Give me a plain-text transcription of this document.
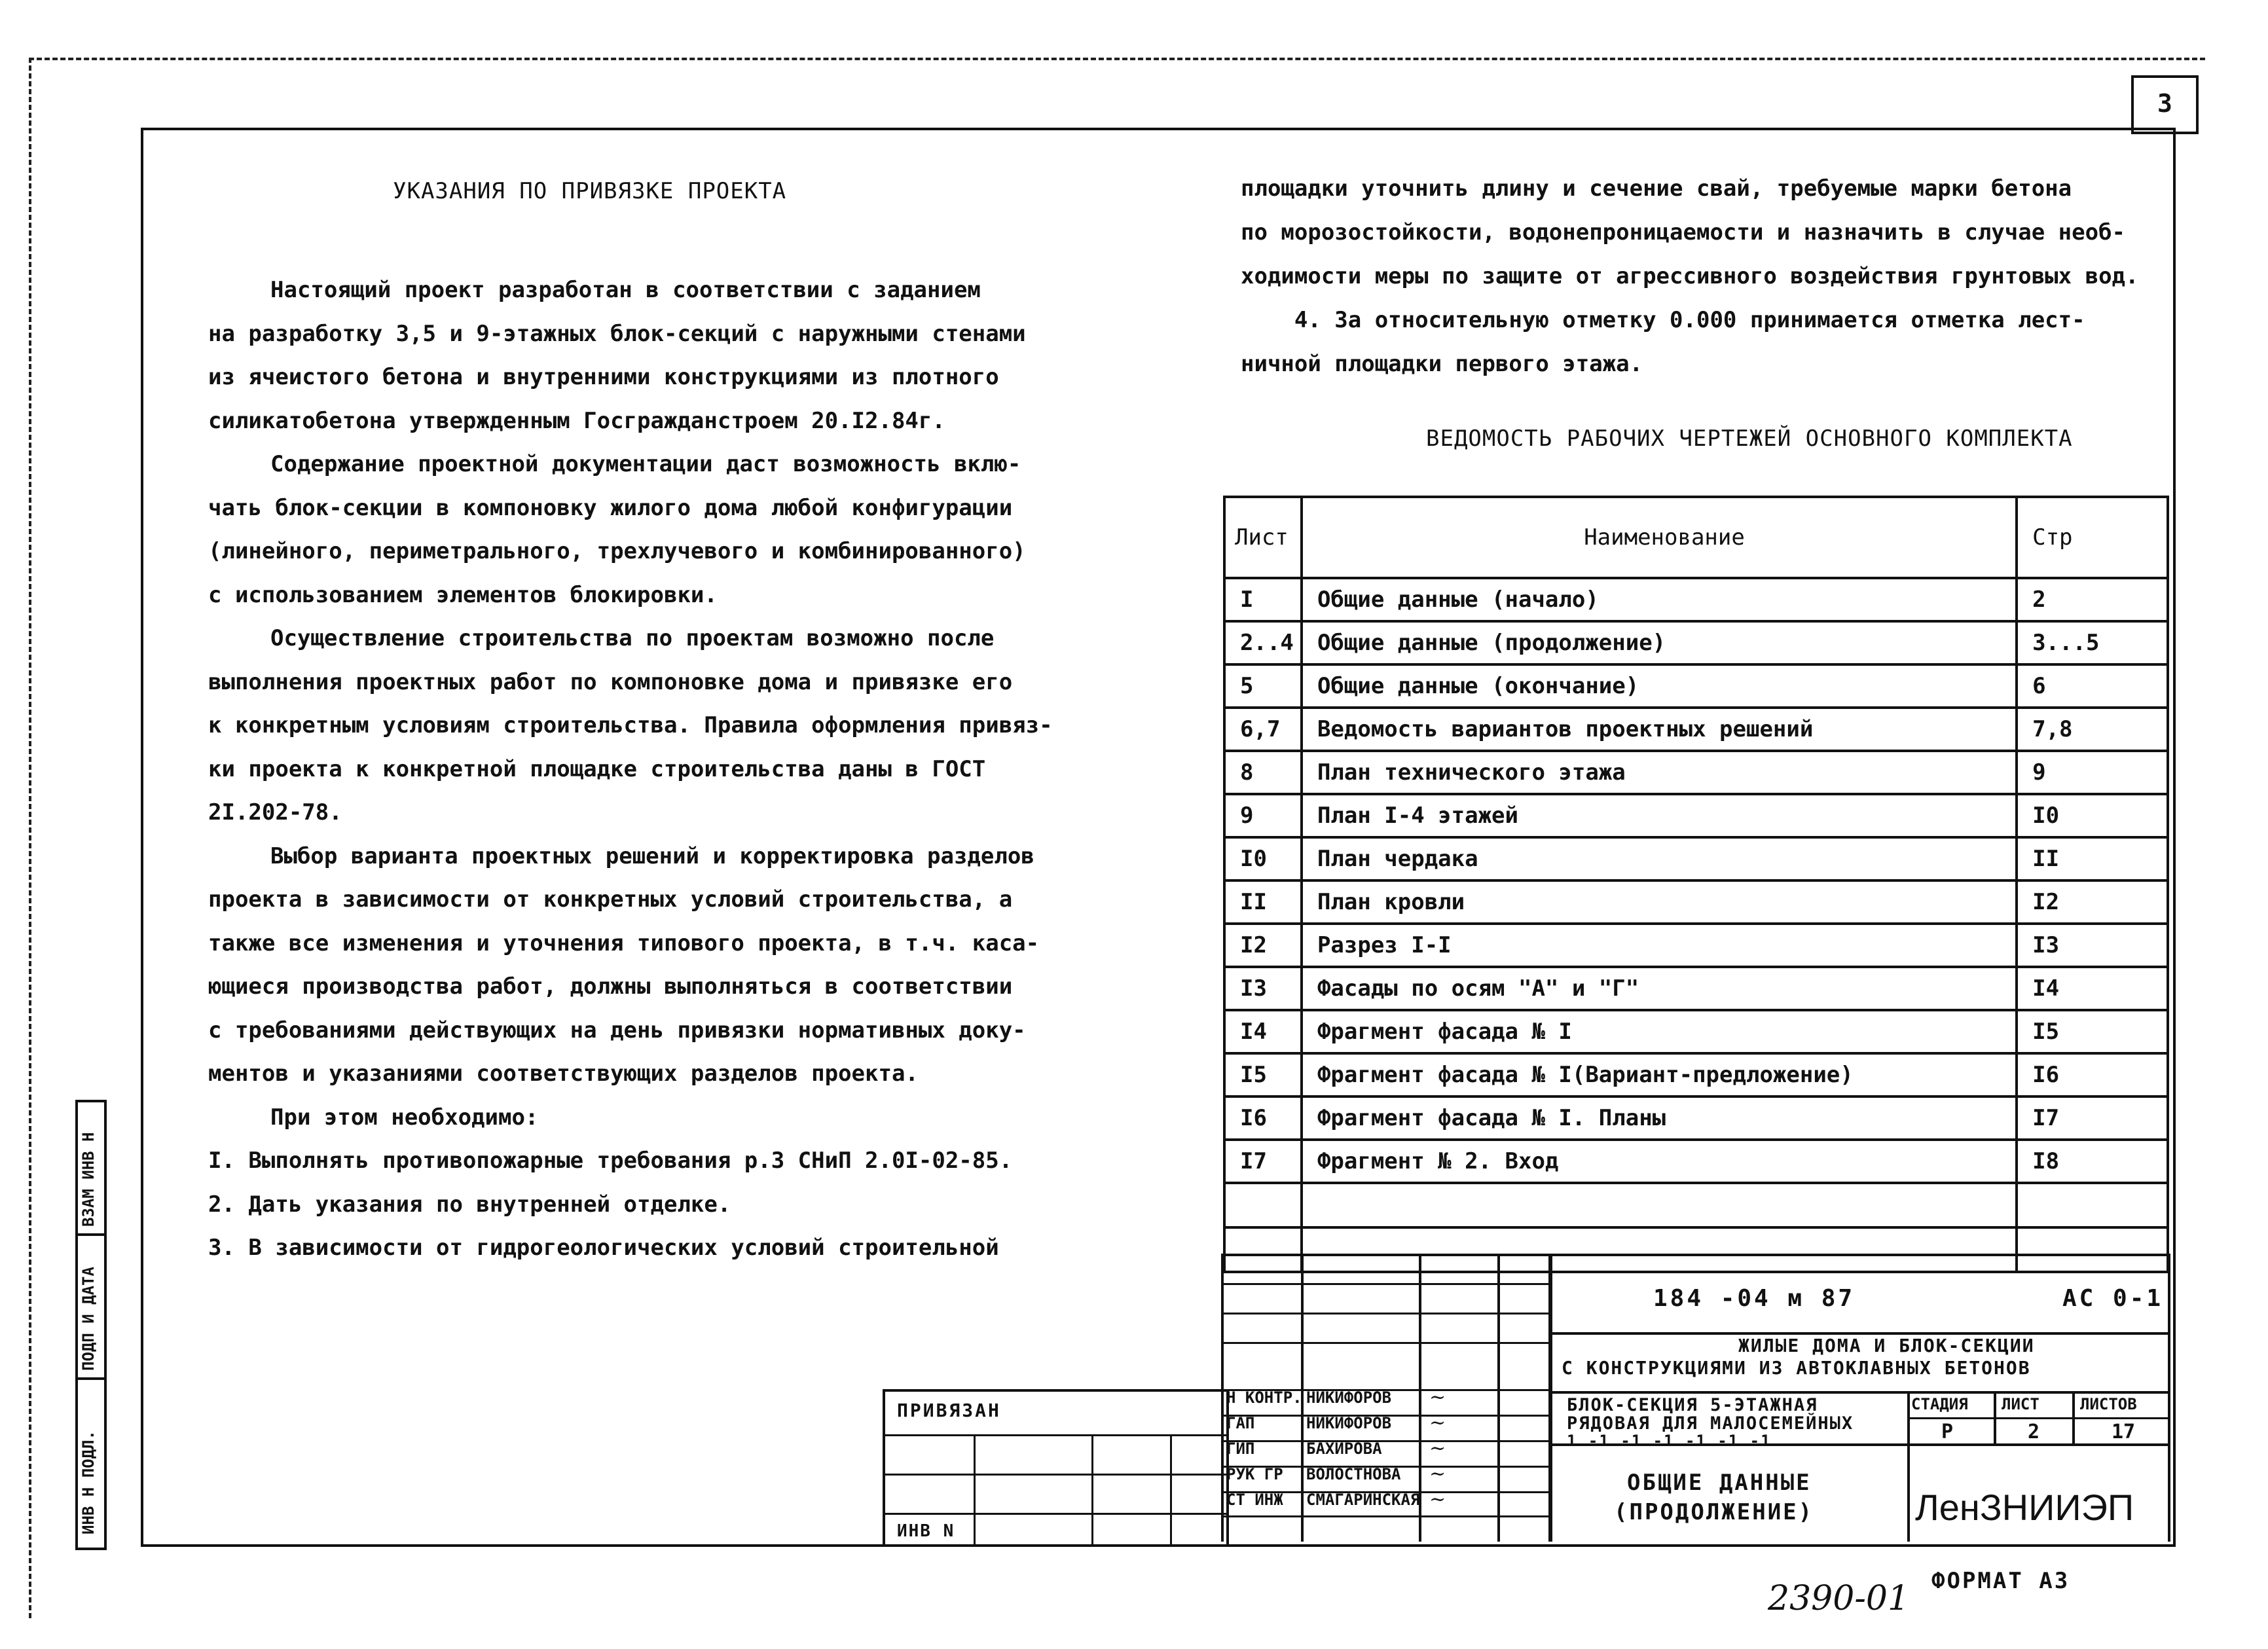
3
ИНВ Н ПОДЛ.
ПОДП И ДАТА
ВЗАМ ИНВ Н
УКАЗАНИЯ ПО ПРИВЯЗКЕ ПРОЕКТА
Настоящий проект разработан в соответствии с заданием
на разработку 3,5 и 9-этажных блок-секций с наружными стенами
из ячеистого бетона и внутренними конструкциями из плотного
силикатобетона утвержденным Госгражданстроем 20.I2.84г.
Содержание проектной документации даст возможность вклю-
чать блок-секции в компоновку жилого дома любой конфигурации
(линейного, периметрального, трехлучевого и комбинированного)
с использованием элементов блокировки.
Осуществление строительства по проектам возможно после
выполнения проектных работ по компоновке дома и привязке его
к конкретным условиям строительства. Правила оформления привяз-
ки проекта к конкретной площадке строительства даны в ГОСТ
2I.202-78.
Выбор варианта проектных решений и корректировка разделов
проекта в зависимости от конкретных условий строительства, а
также все изменения и уточнения типового проекта, в т.ч. каса-
ющиеся производства работ, должны выполняться в соответствии
с требованиями действующих на день привязки нормативных доку-
ментов и указаниями соответствующих разделов проекта.
При этом необходимо:
I. Выполнять противопожарные требования р.3 СНиП 2.0I-02-85.
2. Дать указания по внутренней отделке.
3. В зависимости от гидрогеологических условий строительной
площадки уточнить длину и сечение свай, требуемые марки бетона
по морозостойкости, водонепроницаемости и назначить в случае необ-
ходимости меры по защите от агрессивного воздействия грунтовых вод.
4. За относительную отметку 0.000 принимается отметка лест-
ничной площадки первого этажа.
ВЕДОМОСТЬ РАБОЧИХ ЧЕРТЕЖЕЙ ОСНОВНОГО КОМПЛЕКТА
Лист	Наименование	Стр
I	Общие данные (начало)	2
2..4	Общие данные (продолжение)	3...5
5	Общие данные (окончание)	6
6,7	Ведомость вариантов проектных решений	7,8
8	План технического этажа	9
9	План I-4 этажей	I0
I0	План чердака	II
II	План кровли	I2
I2	Разрез I-I	I3
I3	Фасады по осям "А" и "Г"	I4
I4	Фрагмент фасада № I	I5
I5	Фрагмент фасада № I(Вариант-предложение)	I6
I6	Фрагмент фасада № I. Планы	I7
I7	Фрагмент № 2. Вход	I8

Н КОНТР. НИКИФОРОВ ~
ГАП	НИКИФОРОВ ~
ГИП	БАХИРОВА ~
РУК ГР ВОЛОСТНОВА ~
СТ ИНЖ СМАГАРИНСКАЯ ~
184 -04 м 87	АС 0-1
ЖИЛЫЕ ДОМА И БЛОК-СЕКЦИИ
С КОНСТРУКЦИЯМИ ИЗ АВТОКЛАВНЫХ БЕТОНОВ
БЛОК-СЕКЦИЯ 5-ЭТАЖНАЯ
РЯДОВАЯ ДЛЯ МАЛОСЕМЕЙНЫХ
1 -1 -1 -1 -1 -1 -1
СТАДИЯ ЛИСТ	ЛИСТОВ
Р	2	17
ОБЩИЕ ДАННЫЕ
(ПРОДОЛЖЕНИЕ)	ЛенЗНИИЭП
ПРИВЯЗАН
ИНВ N
ФОРМАТ А3
2390-01
